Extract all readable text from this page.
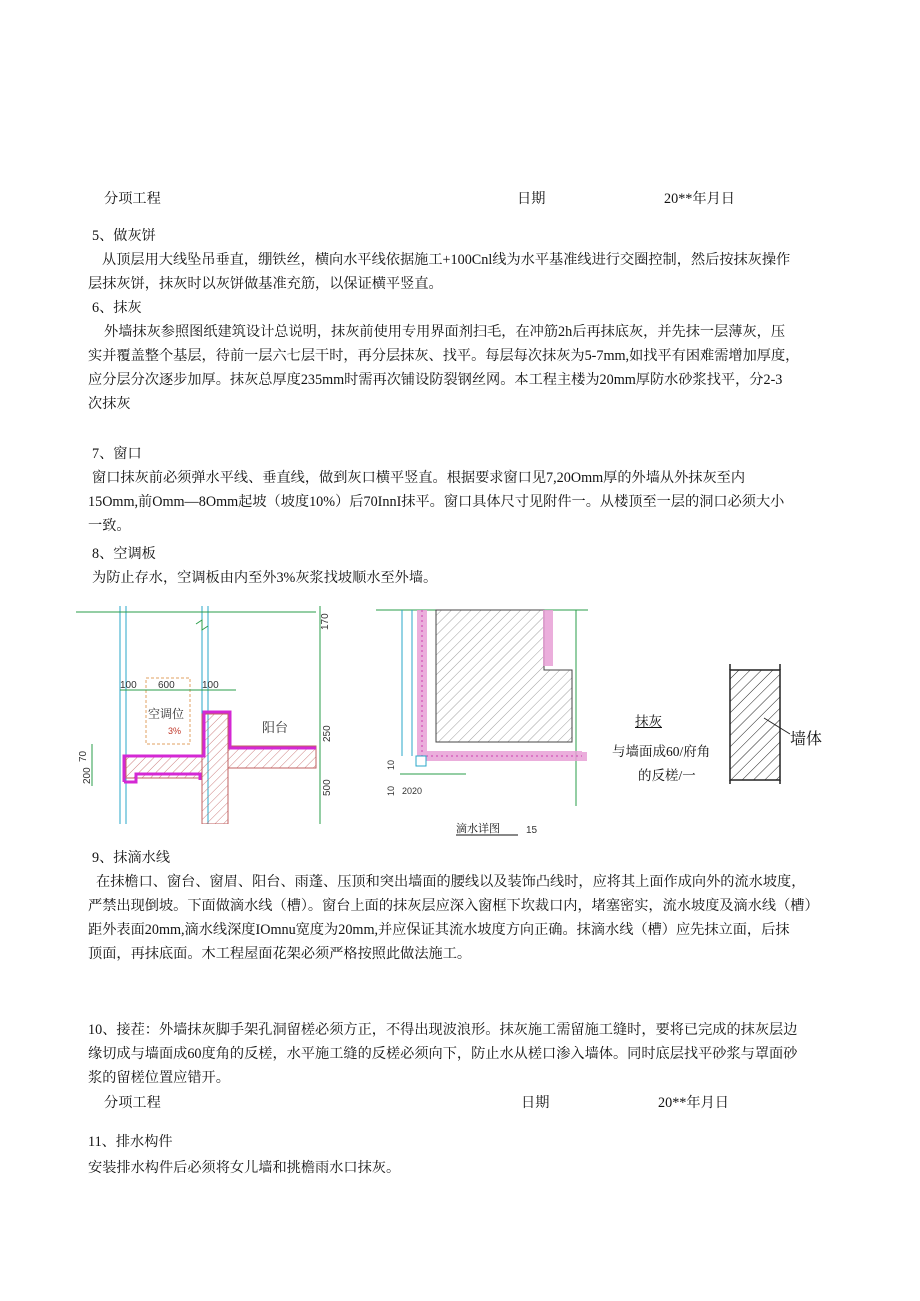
分项工程	日期	20**年月日
5、做灰饼
从顶层用大线坠吊垂直，绷铁丝，横向水平线依据施工+100Cnl线为水平基准线进行交圈控制，然后按抹灰操作
层抹灰饼，抹灰时以灰饼做基准充筋，以保证横平竖直。
6、抹灰
外墙抹灰参照图纸建筑设计总说明，抹灰前使用专用界面剂扫毛，在冲筋2h后再抹底灰，并先抹一层薄灰，压
实并覆盖整个基层，待前一层六七层干时，再分层抹灰、找平。每层每次抹灰为5-7mm,如找平有困难需增加厚度，
应分层分次逐步加厚。抹灰总厚度235mm时需再次铺设防裂钢丝网。本工程主楼为20mm厚防水砂浆找平，分2-3
次抹灰
7、窗口
窗口抹灰前必须弹水平线、垂直线，做到灰口横平竖直。根据要求窗口见7,20Omm厚的外墙从外抹灰至内
15Omm,前Omm—8Omm起坡（坡度10%）后70InnI抹平。窗口具体尺寸见附件一。从楼顶至一层的洞口必须大小
一致。
8、空调板
为防止存水，空调板由内至外3%灰浆找坡顺水至外墙。
100 600	100
空调位
3%	阳台
170
250
500
70
200
10
10 2020
滴水详图	15
抹灰
与墙面成60/府角
的反槎/一
墙体
9、抹滴水线
在抹檐口、窗台、窗眉、阳台、雨蓬、压顶和突出墙面的腰线以及装饰凸线时，应将其上面作成向外的流水坡度，
严禁出现倒坡。下面做滴水线（槽）。窗台上面的抹灰层应深入窗框下坎裁口内，堵塞密实，流水坡度及滴水线（槽）
距外表面20mm,滴水线深度IOmnu宽度为20mm,并应保证其流水坡度方向正确。抹滴水线（槽）应先抹立面，后抹
顶面，再抹底面。木工程屋面花架必须严格按照此做法施工。
10、接茬：外墙抹灰脚手架孔洞留槎必须方正，不得出现波浪形。抹灰施工需留施工缝时，要将已完成的抹灰层边
缘切成与墙面成60度角的反槎，水平施工缝的反槎必须向下，防止水从槎口渗入墙体。同时底层找平砂浆与罩面砂
浆的留槎位置应错开。
分项工程	日期	20**年月日
11、排水构件
安装排水构件后必须将女儿墙和挑檐雨水口抹灰。
